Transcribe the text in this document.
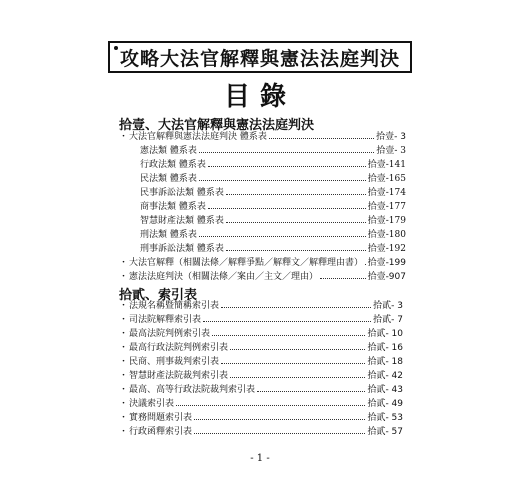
攻略大法官解釋與憲法法庭判決
目錄
拾壹、大法官解釋與憲法法庭判決
・ 大法官解釋與憲法法庭判決 體系表	拾壹- 3
憲法類 體系表	拾壹- 3
行政法類 體系表	拾壹-141
民法類 體系表	拾壹-165
民事訴訟法類 體系表	拾壹-174
商事法類 體系表	拾壹-177
智慧財產法類 體系表	拾壹-179
刑法類 體系表	拾壹-180
刑事訴訟法類 體系表	拾壹-192
・ 大法官解釋（相關法條／解釋爭點／解釋文／解釋理由書） 拾壹-199
・ 憲法法庭判決（相關法條／案由／主文／理由）	拾壹-907
拾貳、索引表
・ 法規名稱暨簡稱索引表	拾貳- 3
・ 司法院解釋索引表	拾貳- 7
・ 最高法院判例索引表	拾貳- 10
・ 最高行政法院判例索引表	拾貳- 16
・ 民商、刑事裁判索引表	拾貳- 18
・ 智慧財產法院裁判索引表	拾貳- 42
・ 最高、高等行政法院裁判索引表	拾貳- 43
・ 決議索引表	拾貳- 49
・ 實務問題索引表	拾貳- 53
・ 行政函釋索引表	拾貳- 57
- 1 -
